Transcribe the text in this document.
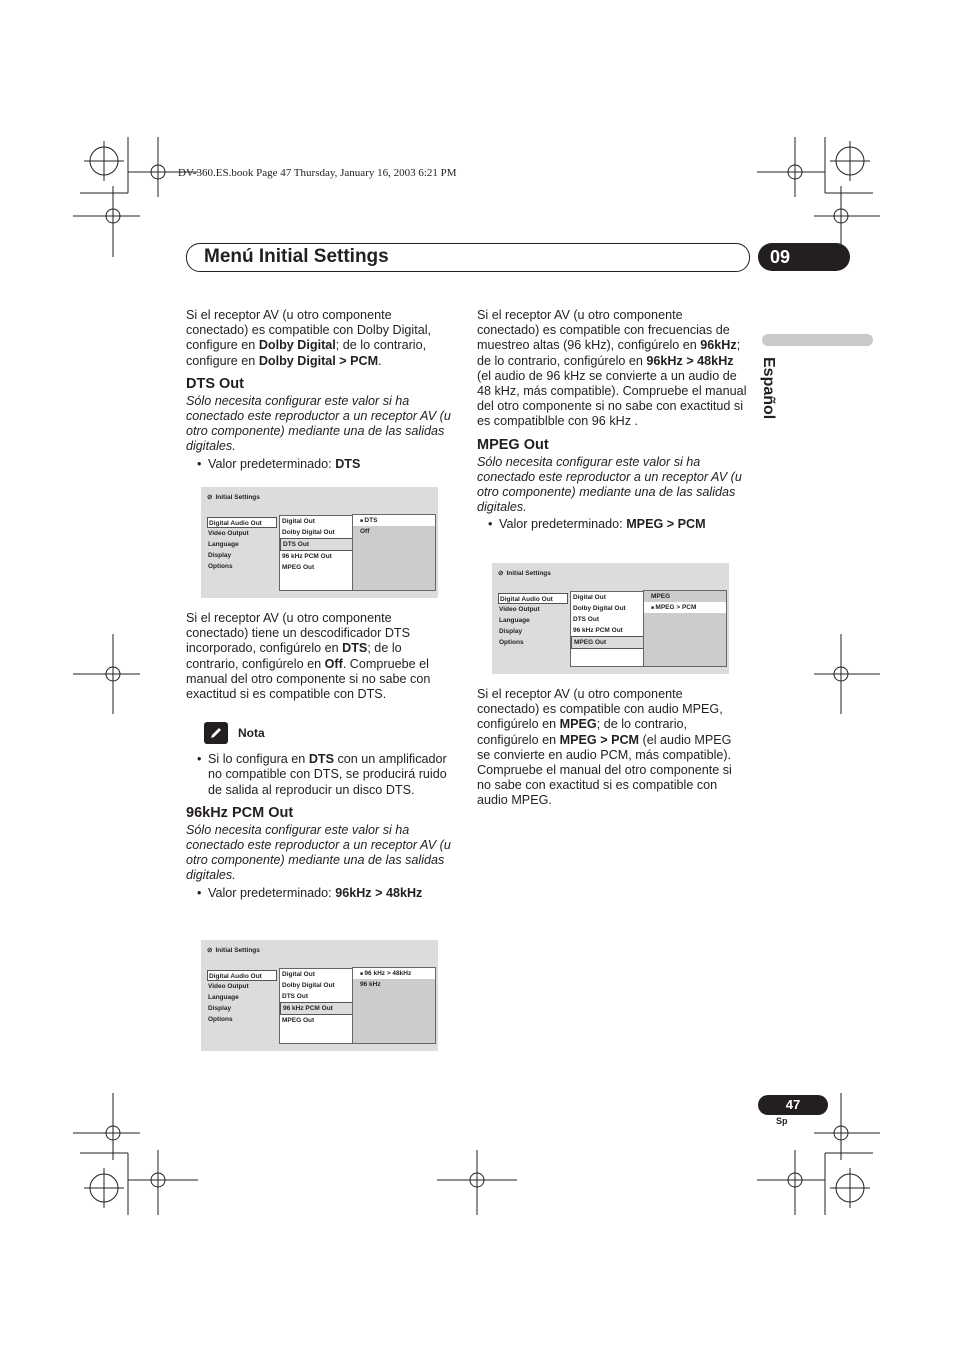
DV-360.ES.book Page 47 Thursday, January 16, 2003 6:21 PM
Menú Initial Settings	09
Español

Si el receptor AV (u otro componente conectado) es compatible con Dolby Digital, configure en Dolby Digital; de lo contrario, configure en Dolby Digital > PCM.

DTS Out

Sólo necesita configurar este valor si ha conectado este reproductor a un receptor AV (u otro componente) mediante una de las salidas digitales.

• Valor predeterminado: DTS

⊘ Initial Settings
Digital Audio Out
Video Output
Language
Display
Options
Digital Out
Dolby Digital Out
DTS Out
96 kHz PCM Out
MPEG Out
■ DTS
Off

Si el receptor AV (u otro componente conectado) tiene un descodificador DTS incorporado, configúrelo en DTS; de lo contrario, configúrelo en Off. Compruebe el manual del otro componente si no sabe con exactitud si es compatible con DTS.

Nota

• Si lo configura en DTS con un amplificador no compatible con DTS, se producirá ruido de salida al reproducir un disco DTS.

96kHz PCM Out

Sólo necesita configurar este valor si ha conectado este reproductor a un receptor AV (u otro componente) mediante una de las salidas digitales.

• Valor predeterminado: 96kHz > 48kHz

⊘ Initial Settings
Digital Audio Out
Video Output
Language
Display
Options
Digital Out
Dolby Digital Out
DTS Out
96 kHz PCM Out
MPEG Out
■ 96 kHz > 48kHz
96 kHz

Si el receptor AV (u otro componente conectado) es compatible con frecuencias de muestreo altas (96 kHz), configúrelo en 96kHz; de lo contrario, configúrelo en 96kHz > 48kHz (el audio de 96 kHz se convierte a un audio de 48 kHz, más compatible). Compruebe el manual del otro componente si no sabe con exactitud si es compatiblble con 96 kHz .

MPEG Out

Sólo necesita configurar este valor si ha conectado este reproductor a un receptor AV (u otro componente) mediante una de las salidas digitales.

• Valor predeterminado: MPEG > PCM

⊘ Initial Settings
Digital Audio Out
Video Output
Language
Display
Options
Digital Out
Dolby Digital Out
DTS Out
96 kHz PCM Out
MPEG Out
MPEG
■ MPEG > PCM

Si el receptor AV (u otro componente conectado) es compatible con audio MPEG, configúrelo en MPEG; de lo contrario, configúrelo en MPEG > PCM (el audio MPEG se convierte en audio PCM, más compatible). Compruebe el manual del otro componente si no sabe con exactitud si es compatible con audio MPEG.

47
Sp
